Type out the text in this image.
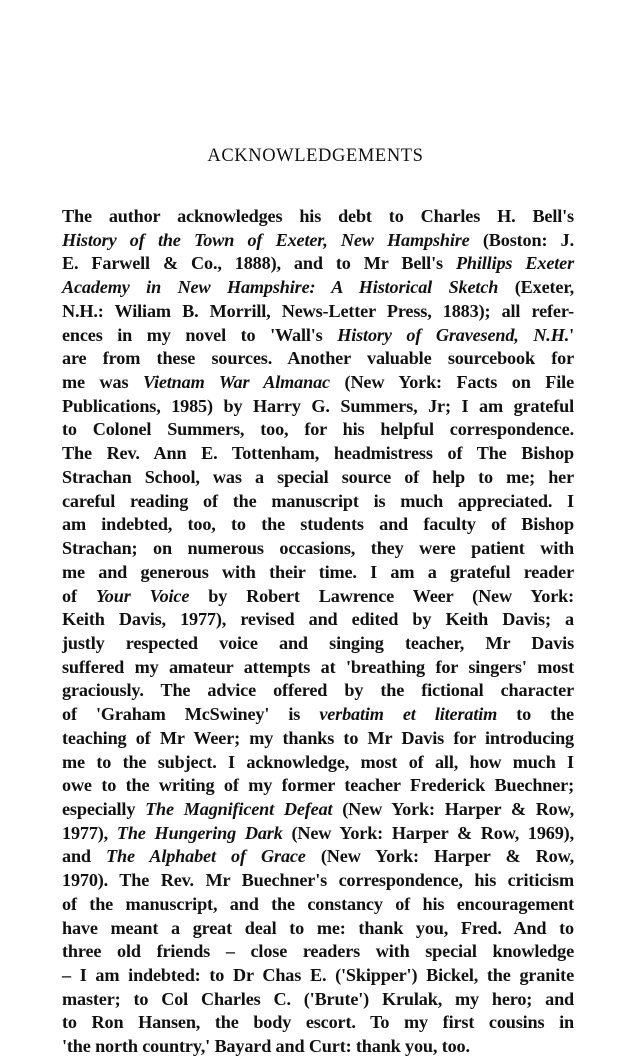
ACKNOWLEDGEMENTS
The author acknowledges his debt to Charles H. Bell's
History of the Town of Exeter, New Hampshire (Boston: J.
E. Farwell & Co., 1888), and to Mr Bell's Phillips Exeter
Academy in New Hampshire: A Historical Sketch (Exeter,
N.H.: Wiliam B. Morrill, News-Letter Press, 1883); all refer-
ences in my novel to 'Wall's History of Gravesend, N.H.'
are from these sources. Another valuable sourcebook for
me was Vietnam War Almanac (New York: Facts on File
Publications, 1985) by Harry G. Summers, Jr; I am grateful
to Colonel Summers, too, for his helpful correspondence.
The Rev. Ann E. Tottenham, headmistress of The Bishop
Strachan School, was a special source of help to me; her
careful reading of the manuscript is much appreciated. I
am indebted, too, to the students and faculty of Bishop
Strachan; on numerous occasions, they were patient with
me and generous with their time. I am a grateful reader
of Your Voice by Robert Lawrence Weer (New York:
Keith Davis, 1977), revised and edited by Keith Davis; a
justly respected voice and singing teacher, Mr Davis
suffered my amateur attempts at 'breathing for singers' most
graciously. The advice offered by the fictional character
of 'Graham McSwiney' is verbatim et literatim to the
teaching of Mr Weer; my thanks to Mr Davis for introducing
me to the subject. I acknowledge, most of all, how much I
owe to the writing of my former teacher Frederick Buechner;
especially The Magnificent Defeat (New York: Harper & Row,
1977), The Hungering Dark (New York: Harper & Row, 1969),
and The Alphabet of Grace (New York: Harper & Row,
1970). The Rev. Mr Buechner's correspondence, his criticism
of the manuscript, and the constancy of his encouragement
have meant a great deal to me: thank you, Fred. And to
three old friends – close readers with special knowledge
– I am indebted: to Dr Chas E. ('Skipper') Bickel, the granite
master; to Col Charles C. ('Brute') Krulak, my hero; and
to Ron Hansen, the body escort. To my first cousins in
'the north country,' Bayard and Curt: thank you, too.
